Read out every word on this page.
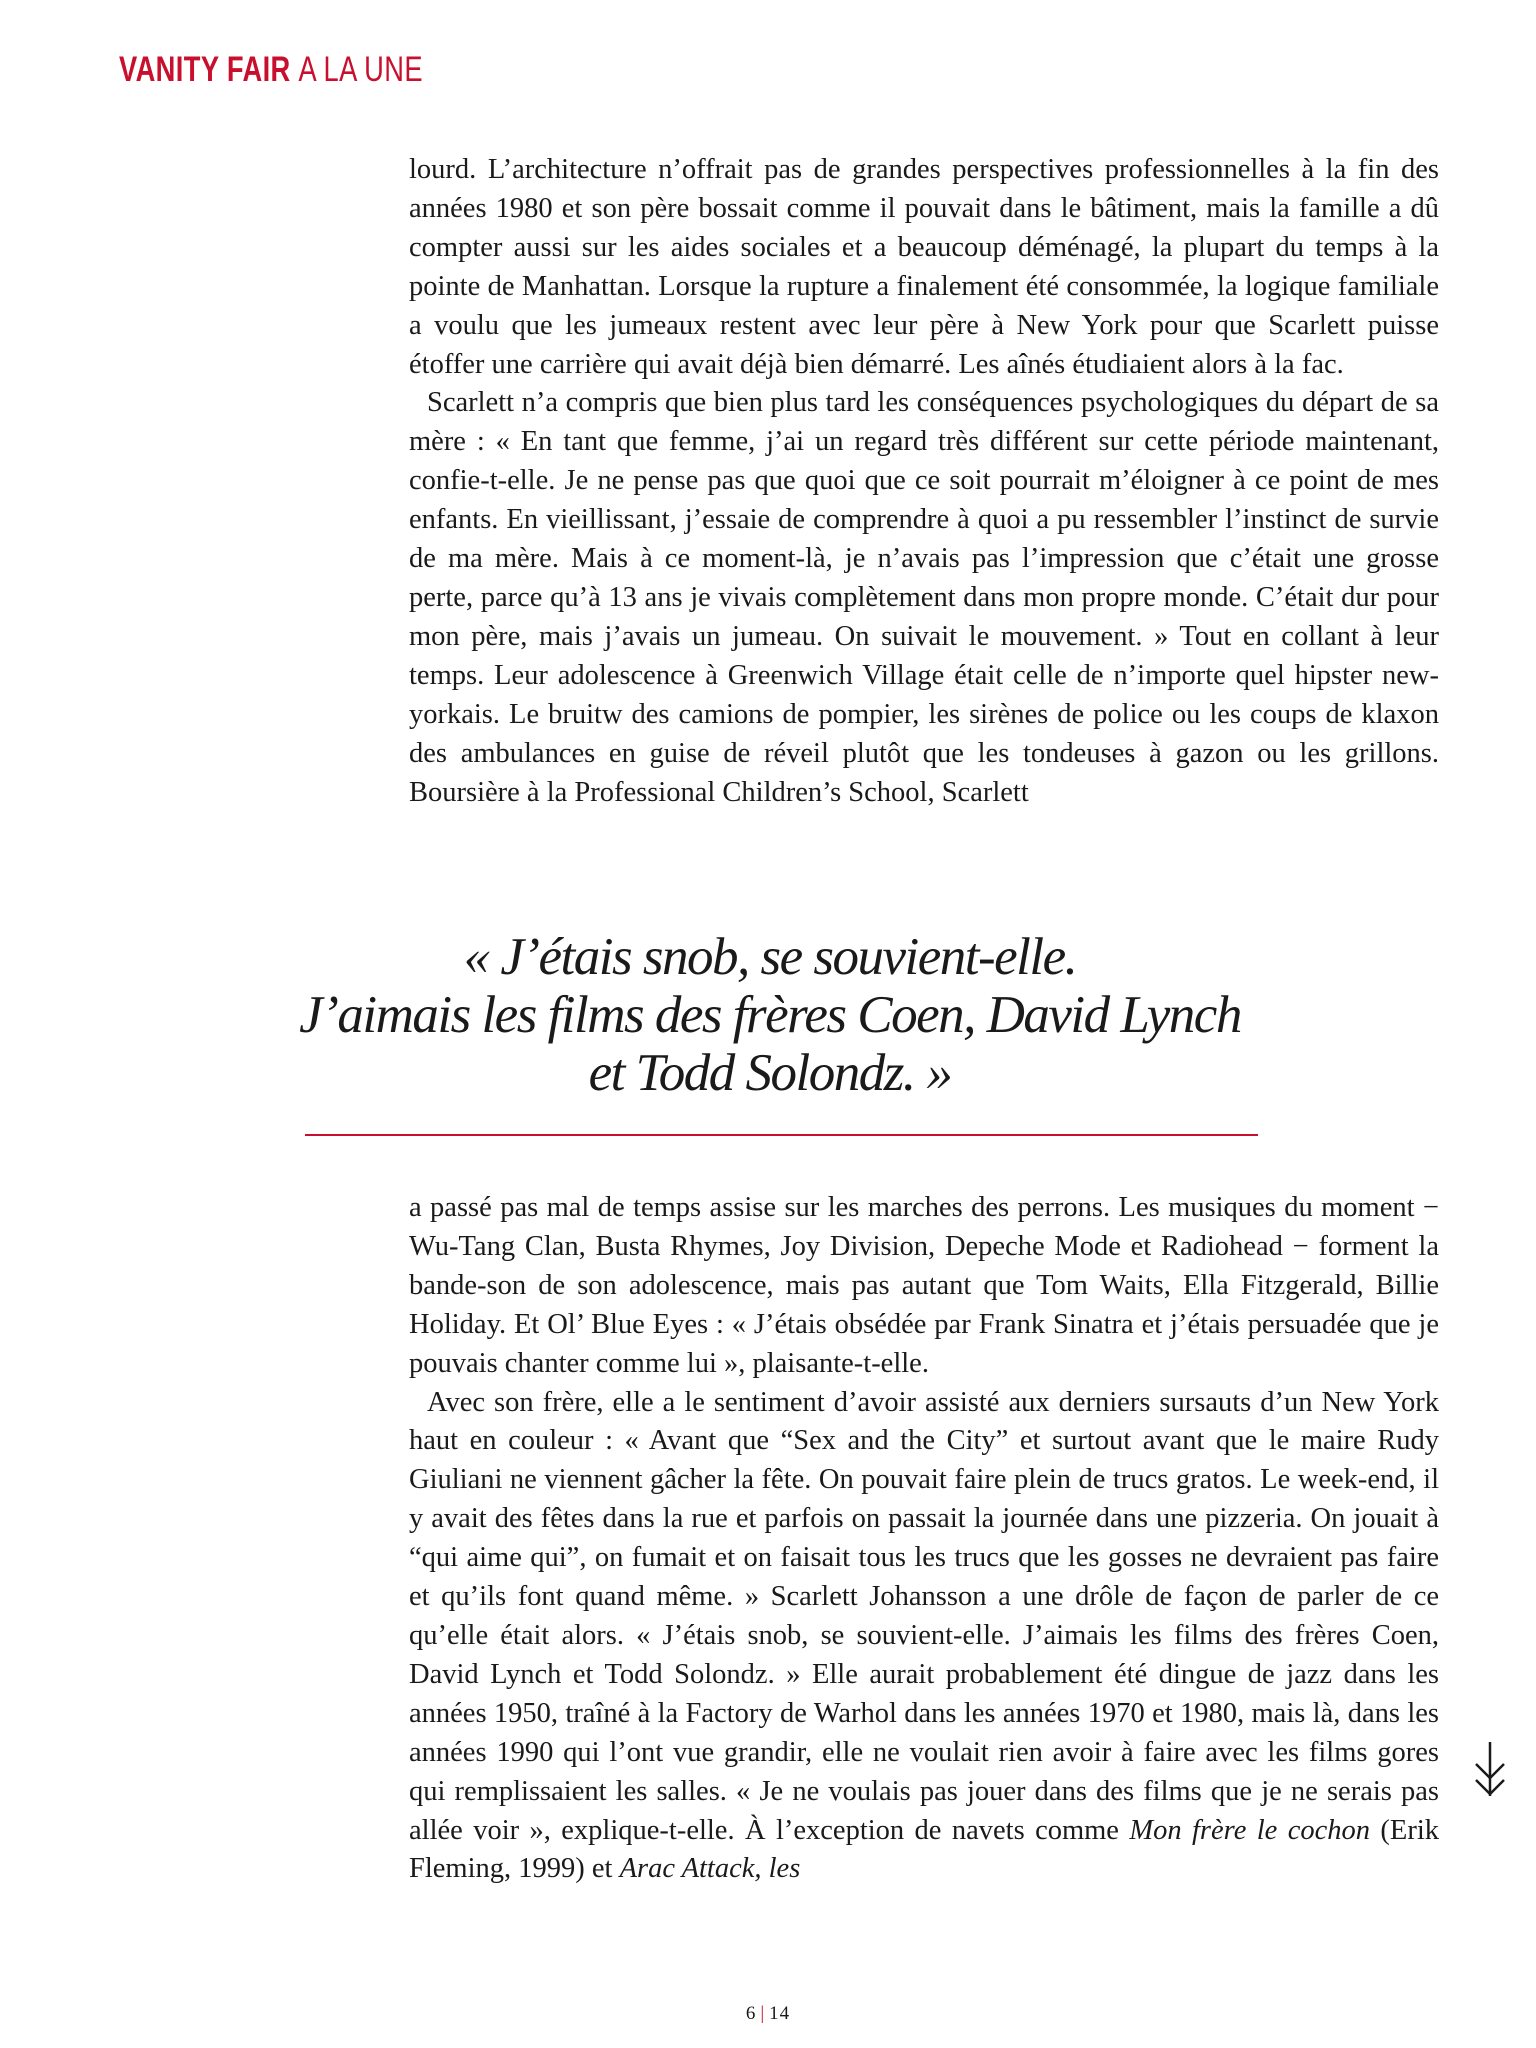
VANITY FAIR A LA UNE

lourd. L’architecture n’offrait pas de grandes perspectives professionnelles à la fin des années 1980 et son père bossait comme il pouvait dans le bâtiment, mais la famille a dû compter aussi sur les aides sociales et a beaucoup déménagé, la plupart du temps à la pointe de Manhattan. Lorsque la rupture a finalement été consommée, la logique familiale a voulu que les jumeaux restent avec leur père à New York pour que Scarlett puisse étoffer une carrière qui avait déjà bien démarré. Les aînés étudiaient alors à la fac.

Scarlett n’a compris que bien plus tard les conséquences psychologiques du départ de sa mère : « En tant que femme, j’ai un regard très différent sur cette période maintenant, confie-t-elle. Je ne pense pas que quoi que ce soit pourrait m’éloigner à ce point de mes enfants. En vieillissant, j’essaie de comprendre à quoi a pu ressembler l’instinct de survie de ma mère. Mais à ce moment-là, je n’avais pas l’impression que c’était une grosse perte, parce qu’à 13 ans je vivais complètement dans mon propre monde. C’était dur pour mon père, mais j’avais un jumeau. On suivait le mouvement. » Tout en collant à leur temps. Leur adolescence à Greenwich Village était celle de n’importe quel hipster new-yorkais. Le bruitw des camions de pompier, les sirènes de police ou les coups de klaxon des ambulances en guise de réveil plutôt que les tondeuses à gazon ou les grillons. Boursière à la Professional Children’s School, Scarlett

« J’étais snob, se souvient-elle.
J’aimais les films des frères Coen, David Lynch
et Todd Solondz. »

a passé pas mal de temps assise sur les marches des perrons. Les musiques du moment − Wu-Tang Clan, Busta Rhymes, Joy Division, Depeche Mode et Radiohead − forment la bande-son de son adolescence, mais pas autant que Tom Waits, Ella Fitzgerald, Billie Holiday. Et Ol’ Blue Eyes : « J’étais obsédée par Frank Sinatra et j’étais persuadée que je pouvais chanter comme lui », plaisante-t-elle.

Avec son frère, elle a le sentiment d’avoir assisté aux derniers sursauts d’un New York haut en couleur : « Avant que “Sex and the City” et surtout avant que le maire Rudy Giuliani ne viennent gâcher la fête. On pouvait faire plein de trucs gratos. Le week-end, il y avait des fêtes dans la rue et parfois on passait la journée dans une pizzeria. On jouait à “qui aime qui”, on fumait et on faisait tous les trucs que les gosses ne devraient pas faire et qu’ils font quand même. » Scarlett Johansson a une drôle de façon de parler de ce qu’elle était alors. « J’étais snob, se souvient-elle. J’aimais les films des frères Coen, David Lynch et Todd Solondz. » Elle aurait probablement été dingue de jazz dans les années 1950, traîné à la Factory de Warhol dans les années 1970 et 1980, mais là, dans les années 1990 qui l’ont vue grandir, elle ne voulait rien avoir à faire avec les films gores qui remplissaient les salles. « Je ne voulais pas jouer dans des films que je ne serais pas allée voir », explique-t-elle. À l’exception de navets comme Mon frère le cochon (Erik Fleming, 1999) et Arac Attack, les

6 | 14
